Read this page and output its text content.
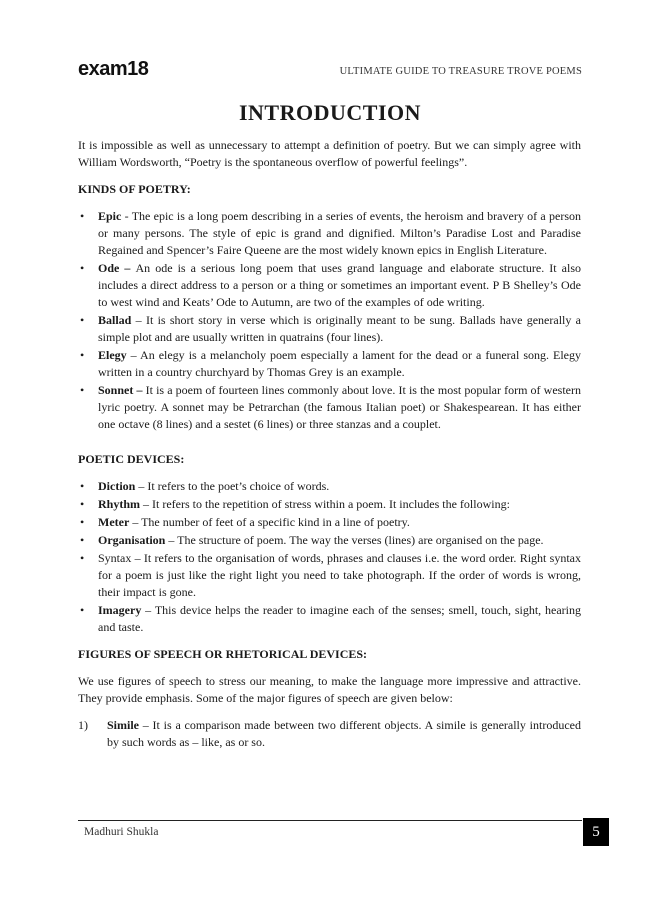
exam18	ULTIMATE GUIDE TO TREASURE TROVE POEMS
INTRODUCTION

It is impossible as well as unnecessary to attempt a definition of poetry. But we can simply agree with William Wordsworth, “Poetry is the spontaneous overflow of powerful feelings”.

KINDS OF POETRY:
• Epic - The epic is a long poem describing in a series of events, the heroism and bravery of a person or many persons. The style of epic is grand and dignified. Milton’s Paradise Lost and Paradise Regained and Spencer’s Faire Queene are the most widely known epics in English Literature.
• Ode – An ode is a serious long poem that uses grand language and elaborate structure. It also includes a direct address to a person or a thing or sometimes an important event. P B Shelley’s Ode to west wind and Keats’ Ode to Autumn, are two of the examples of ode writing.
• Ballad – It is short story in verse which is originally meant to be sung. Ballads have generally a simple plot and are usually written in quatrains (four lines).
• Elegy – An elegy is a melancholy poem especially a lament for the dead or a funeral song. Elegy written in a country churchyard by Thomas Grey is an example.
• Sonnet – It is a poem of fourteen lines commonly about love. It is the most popular form of western lyric poetry. A sonnet may be Petrarchan (the famous Italian poet) or Shakespearean. It has either one octave (8 lines) and a sestet (6 lines) or three stanzas and a couplet.
POETIC DEVICES:
• Diction – It refers to the poet’s choice of words.
• Rhythm – It refers to the repetition of stress within a poem. It includes the following:
• Meter – The number of feet of a specific kind in a line of poetry.
• Organisation – The structure of poem. The way the verses (lines) are organised on the page.
• Syntax – It refers to the organisation of words, phrases and clauses i.e. the word order. Right syntax for a poem is just like the right light you need to take photograph. If the order of words is wrong, their impact is gone.
• Imagery – This device helps the reader to imagine each of the senses; smell, touch, sight, hearing and taste.
FIGURES OF SPEECH OR RHETORICAL DEVICES:

We use figures of speech to stress our meaning, to make the language more impressive and attractive. They provide emphasis. Some of the major figures of speech are given below:

1) Simile – It is a comparison made between two different objects. A simile is generally introduced by such words as – like, as or so.
Madhuri Shukla	5
